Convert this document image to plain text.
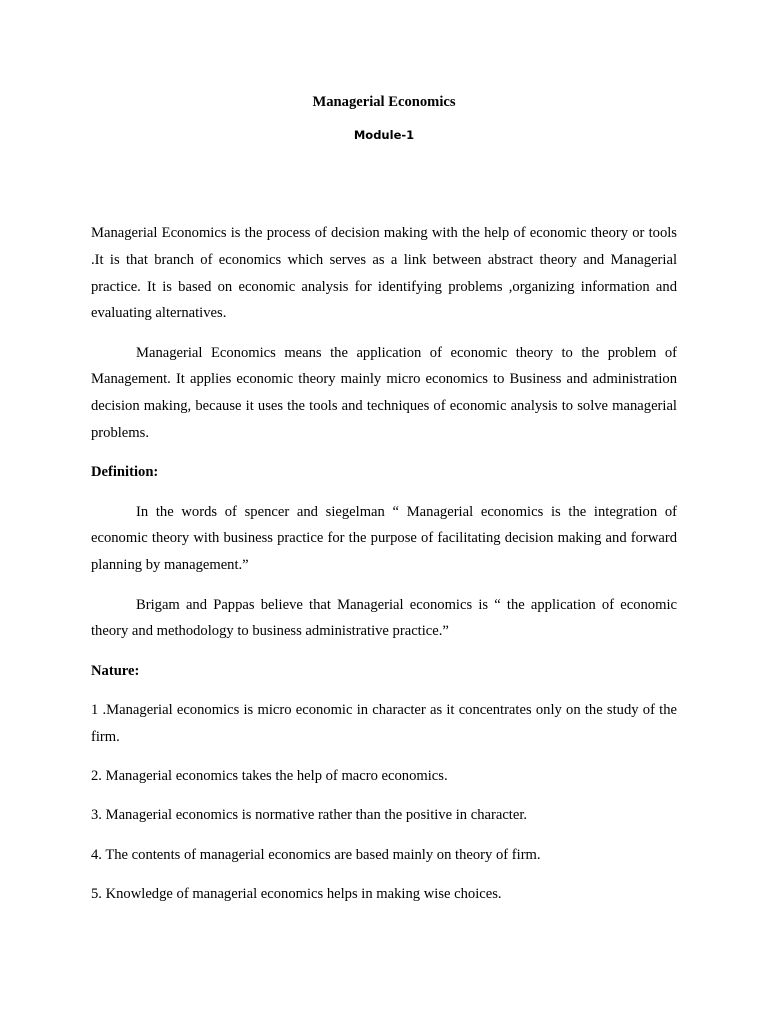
Managerial Economics
Module-1

Managerial Economics is the process of decision making with the help of economic theory or tools .It is that branch of economics which serves as a link between abstract theory and Managerial practice. It is based on economic analysis for identifying problems ,organizing information and evaluating alternatives.

Managerial Economics means the application of economic theory to the problem of Management. It applies economic theory mainly micro economics to Business and administration decision making, because it uses the tools and techniques of economic analysis to solve managerial problems.

Definition:

In the words of spencer and siegelman “ Managerial economics is the integration of economic theory with business practice for the purpose of facilitating decision making and forward planning by management.”

Brigam and Pappas believe that Managerial economics is “ the application of economic theory and methodology to business administrative practice.”

Nature:

1 .Managerial economics is micro economic in character as it concentrates only on the study of the firm.

2. Managerial economics takes the help of macro economics.

3. Managerial economics is normative rather than the positive in character.

4. The contents of managerial economics are based mainly on theory of firm.

5. Knowledge of managerial economics helps in making wise choices.
